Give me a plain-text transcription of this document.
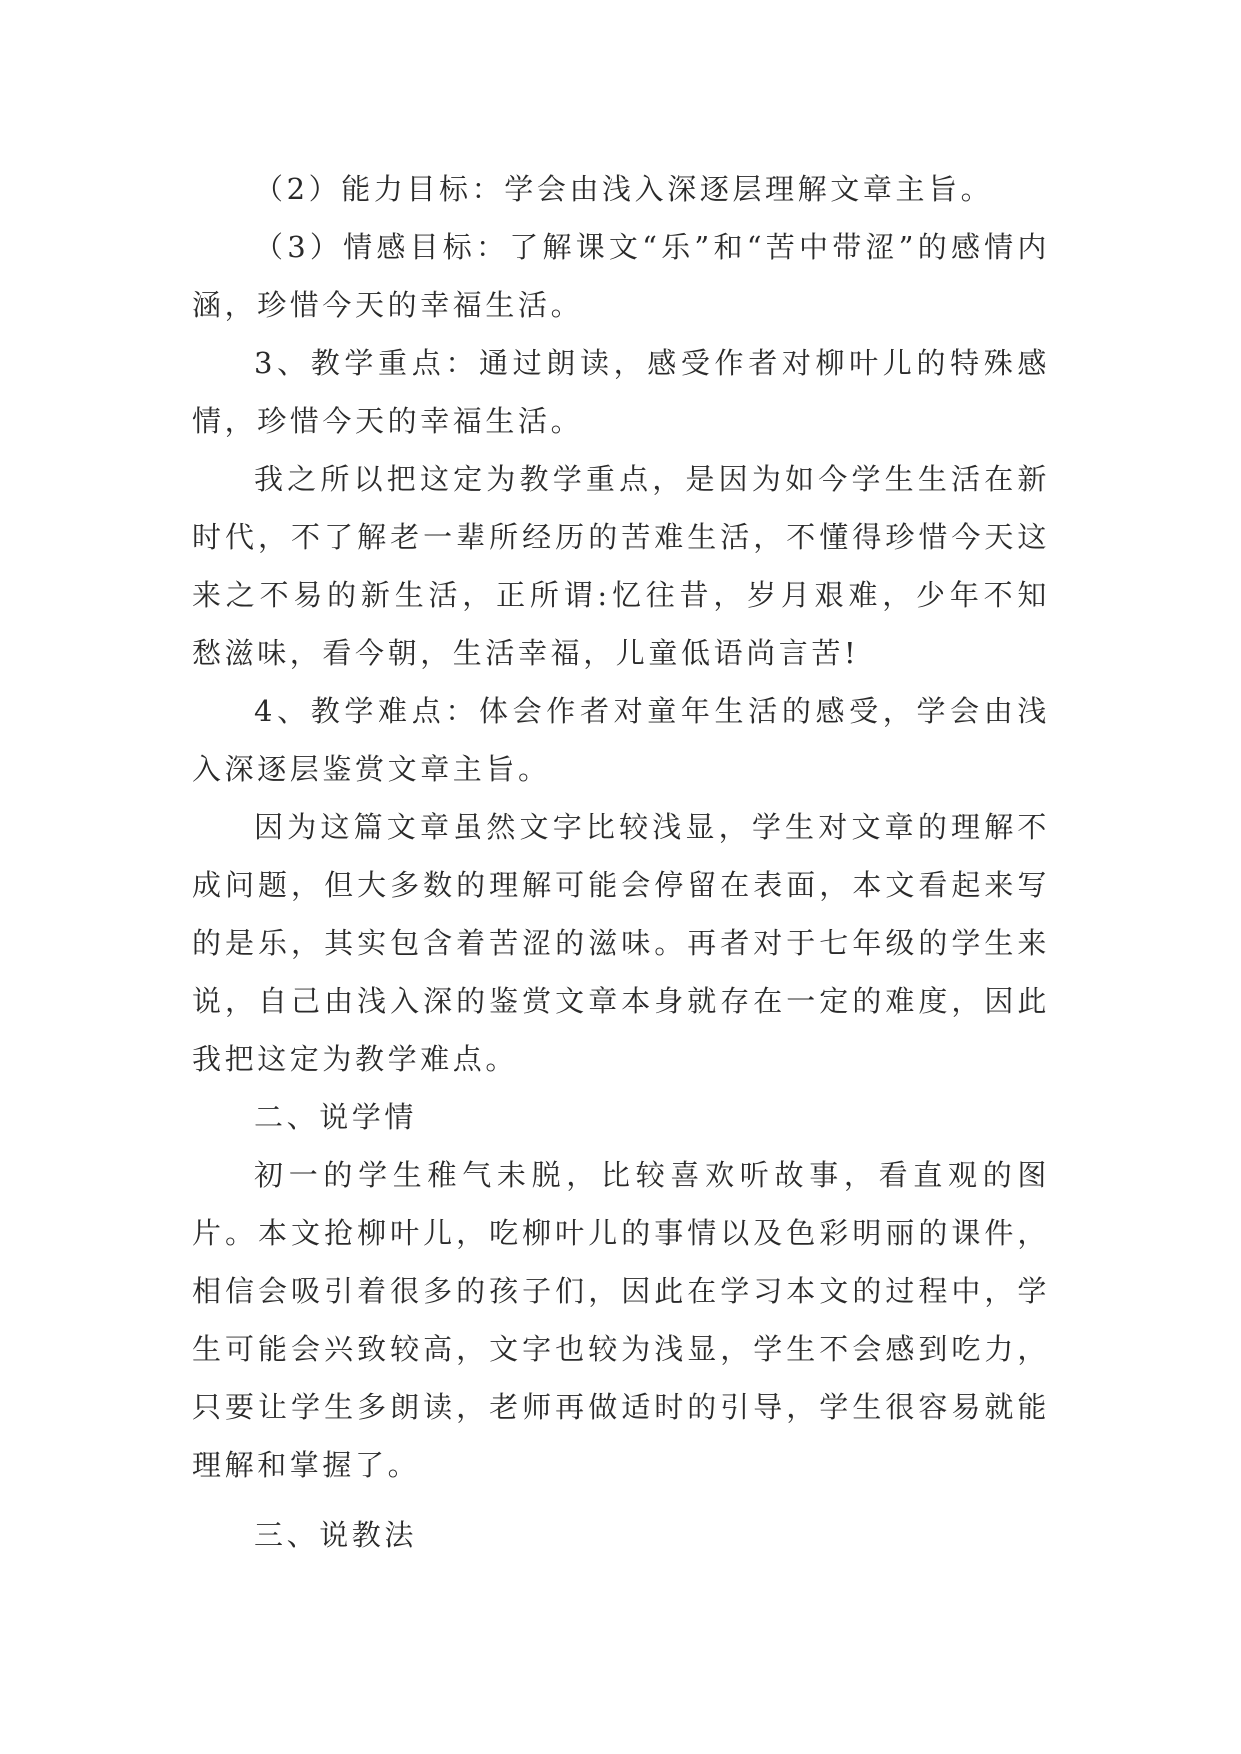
（2）能力目标：学会由浅入深逐层理解文章主旨。

（3）情感目标：了解课文“乐”和“苦中带涩”的感情内涵，珍惜今天的幸福生活。

3、教学重点：通过朗读，感受作者对柳叶儿的特殊感情，珍惜今天的幸福生活。

我之所以把这定为教学重点，是因为如今学生生活在新时代，不了解老一辈所经历的苦难生活，不懂得珍惜今天这来之不易的新生活，正所谓:忆往昔，岁月艰难，少年不知愁滋味，看今朝，生活幸福，儿童低语尚言苦!

4、教学难点：体会作者对童年生活的感受，学会由浅入深逐层鉴赏文章主旨。

因为这篇文章虽然文字比较浅显，学生对文章的理解不成问题，但大多数的理解可能会停留在表面，本文看起来写的是乐，其实包含着苦涩的滋味。再者对于七年级的学生来说，自己由浅入深的鉴赏文章本身就存在一定的难度，因此我把这定为教学难点。

二、说学情

初一的学生稚气未脱，比较喜欢听故事，看直观的图片。本文抢柳叶儿，吃柳叶儿的事情以及色彩明丽的课件，相信会吸引着很多的孩子们，因此在学习本文的过程中，学生可能会兴致较高，文字也较为浅显，学生不会感到吃力，只要让学生多朗读，老师再做适时的引导，学生很容易就能理解和掌握了。

三、说教法
